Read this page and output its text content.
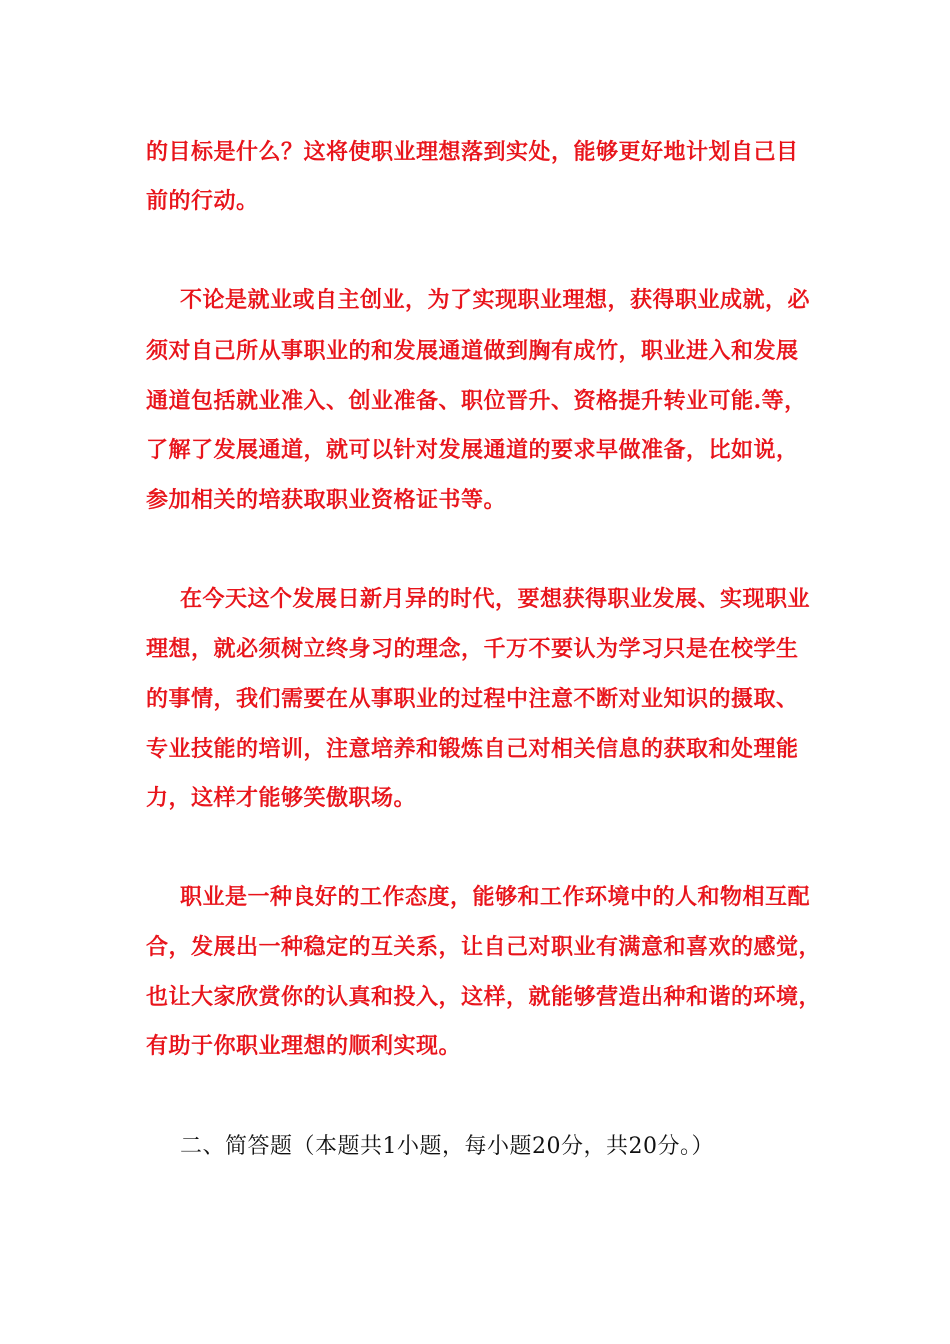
的目标是什么？这将使职业理想落到实处，能够更好地计划自己目
前的行动。
不论是就业或自主创业，为了实现职业理想，获得职业成就，必
须对自己所从事职业的和发展通道做到胸有成竹，职业进入和发展
通道包括就业准入、创业准备、职位晋升、资格提升转业可能.等，
了解了发展通道，就可以针对发展通道的要求早做准备，比如说，
参加相关的培获取职业资格证书等。
在今天这个发展日新月异的时代，要想获得职业发展、实现职业
理想，就必须树立终身习的理念，千万不要认为学习只是在校学生
的事情，我们需要在从事职业的过程中注意不断对业知识的摄取、
专业技能的培训，注意培养和锻炼自己对相关信息的获取和处理能
力，这样才能够笑傲职场。
职业是一种良好的工作态度，能够和工作环境中的人和物相互配
合，发展出一种稳定的互关系，让自己对职业有满意和喜欢的感觉，
也让大家欣赏你的认真和投入，这样，就能够营造出种和谐的环境，
有助于你职业理想的顺利实现。
二、简答题（本题共1小题，每小题20分，共20分。）
